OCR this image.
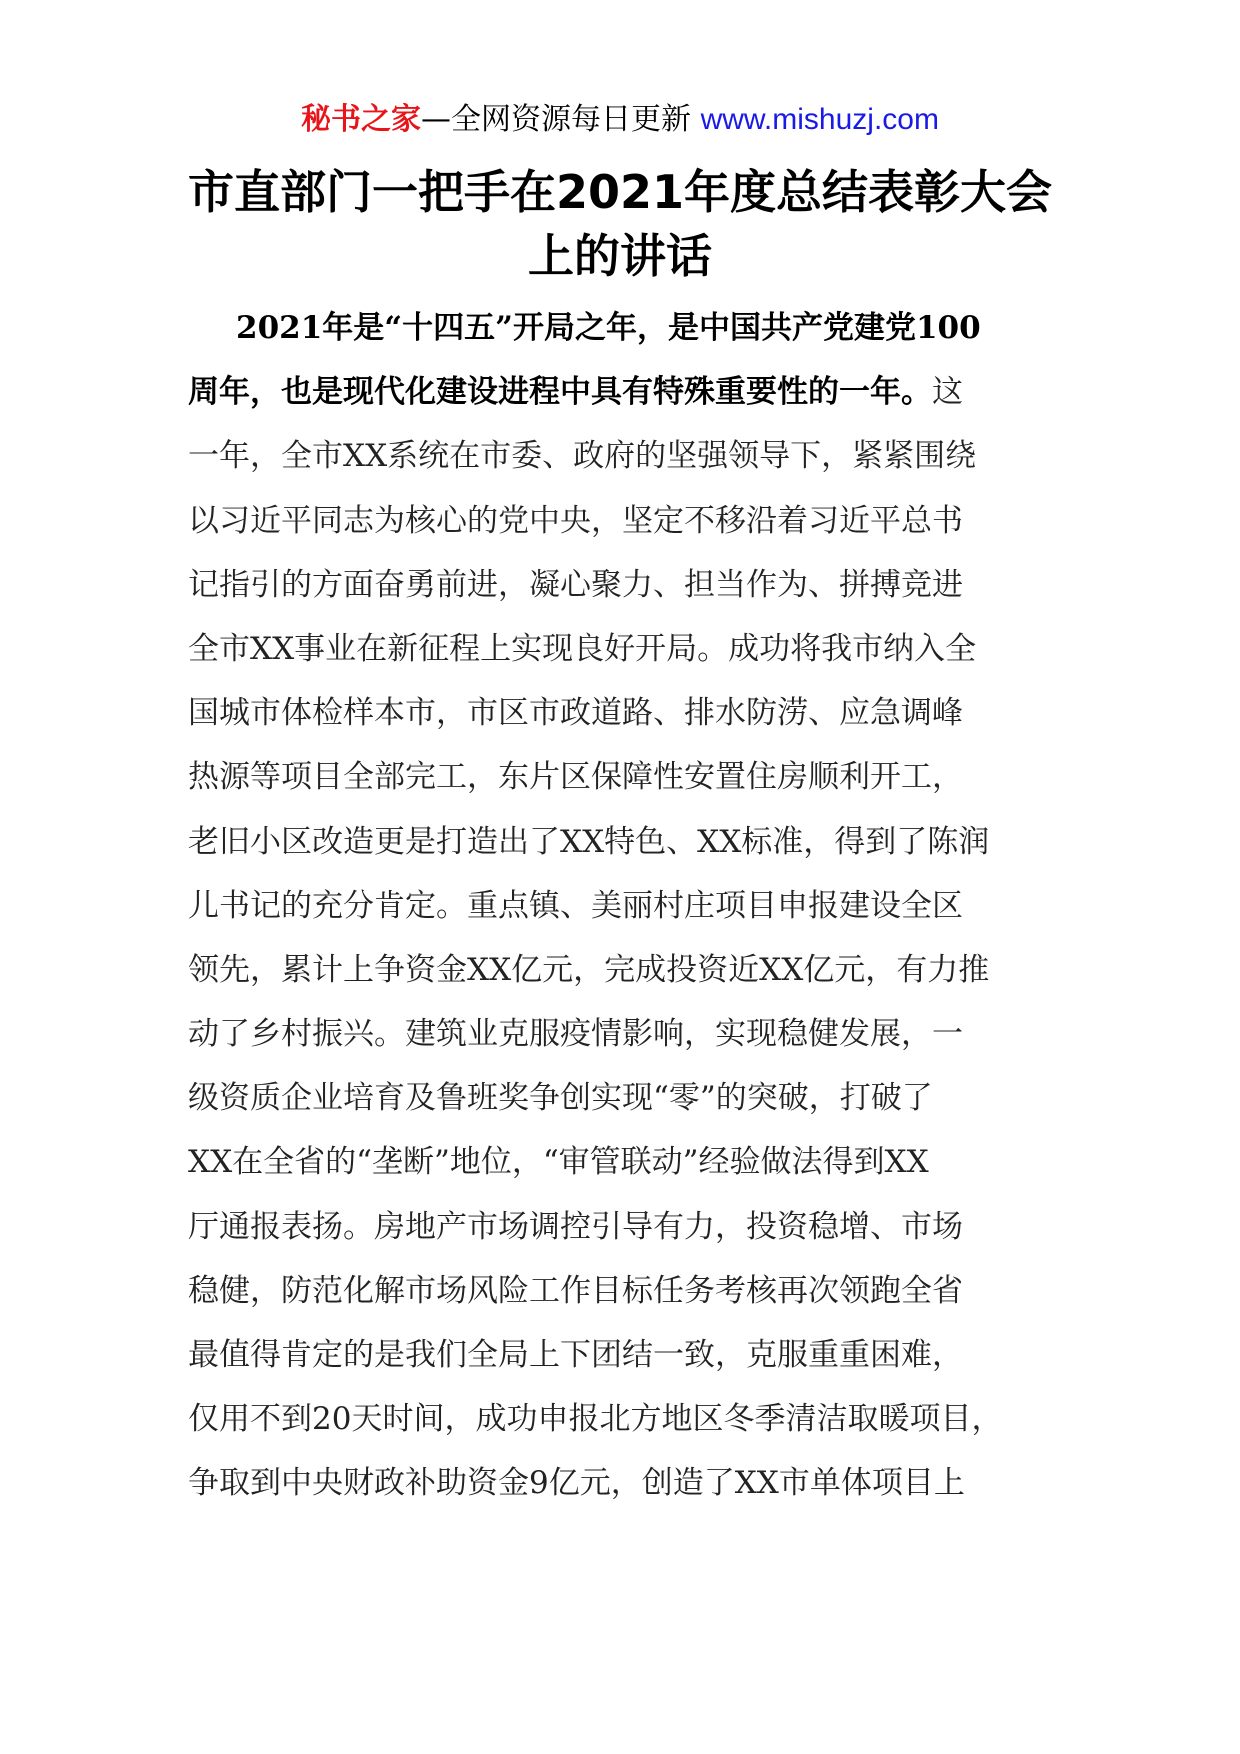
秘书之家—全网资源每日更新 www.mishuzj.com
市直部门一把手在2021年度总结表彰大会
上的讲话
2021年是“十四五”开局之年，是中国共产党建党100
周年，也是现代化建设进程中具有特殊重要性的一年。这
一年，全市XX系统在市委、政府的坚强领导下，紧紧围绕
以习近平同志为核心的党中央，坚定不移沿着习近平总书
记指引的方面奋勇前进，凝心聚力、担当作为、拼搏竞进
全市XX事业在新征程上实现良好开局。成功将我市纳入全
国城市体检样本市，市区市政道路、排水防涝、应急调峰
热源等项目全部完工，东片区保障性安置住房顺利开工，
老旧小区改造更是打造出了XX特色、XX标准，得到了陈润
儿书记的充分肯定。重点镇、美丽村庄项目申报建设全区
领先，累计上争资金XX亿元，完成投资近XX亿元，有力推
动了乡村振兴。建筑业克服疫情影响，实现稳健发展，一
级资质企业培育及鲁班奖争创实现“零”的突破，打破了
XX在全省的“垄断”地位，“审管联动”经验做法得到XX
厅通报表扬。房地产市场调控引导有力，投资稳增、市场
稳健，防范化解市场风险工作目标任务考核再次领跑全省
最值得肯定的是我们全局上下团结一致，克服重重困难，
仅用不到20天时间，成功申报北方地区冬季清洁取暖项目，
争取到中央财政补助资金9亿元，创造了XX市单体项目上
